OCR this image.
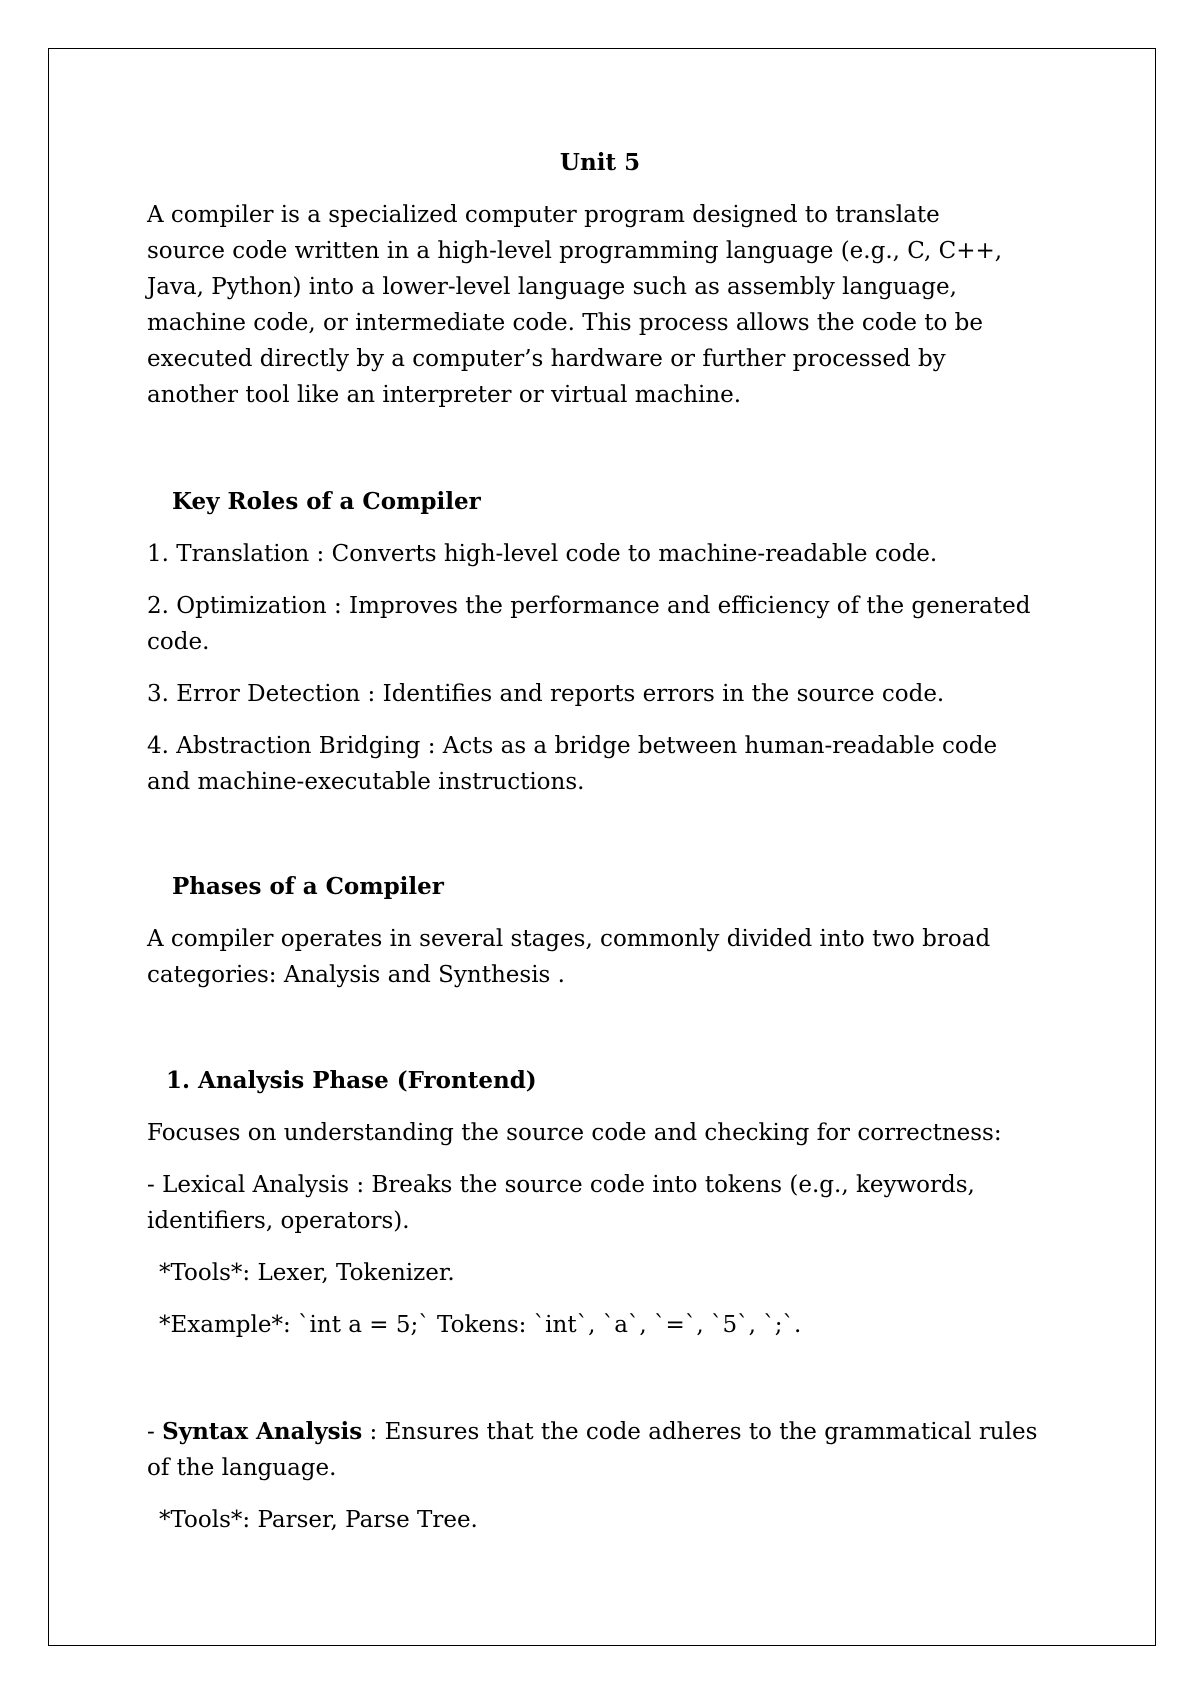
Unit 5

A compiler is a specialized computer program designed to translate

source code written in a high-level programming language (e.g., C, C++,

Java, Python) into a lower-level language such as assembly language,

machine code, or intermediate code. This process allows the code to be

executed directly by a computer’s hardware or further processed by

another tool like an interpreter or virtual machine.

Key Roles of a Compiler

1. Translation : Converts high-level code to machine-readable code.

2. Optimization : Improves the performance and efficiency of the generated

code.

3. Error Detection : Identifies and reports errors in the source code.

4. Abstraction Bridging : Acts as a bridge between human-readable code

and machine-executable instructions.

Phases of a Compiler

A compiler operates in several stages, commonly divided into two broad

categories: Analysis and Synthesis .

1. Analysis Phase (Frontend)

Focuses on understanding the source code and checking for correctness:

- Lexical Analysis : Breaks the source code into tokens (e.g., keywords,

identifiers, operators).

*Tools*: Lexer, Tokenizer.

*Example*: `int a = 5;` Tokens: `int`, `a`, `=`, `5`, `;`.

- Syntax Analysis : Ensures that the code adheres to the grammatical rules

of the language.

*Tools*: Parser, Parse Tree.
